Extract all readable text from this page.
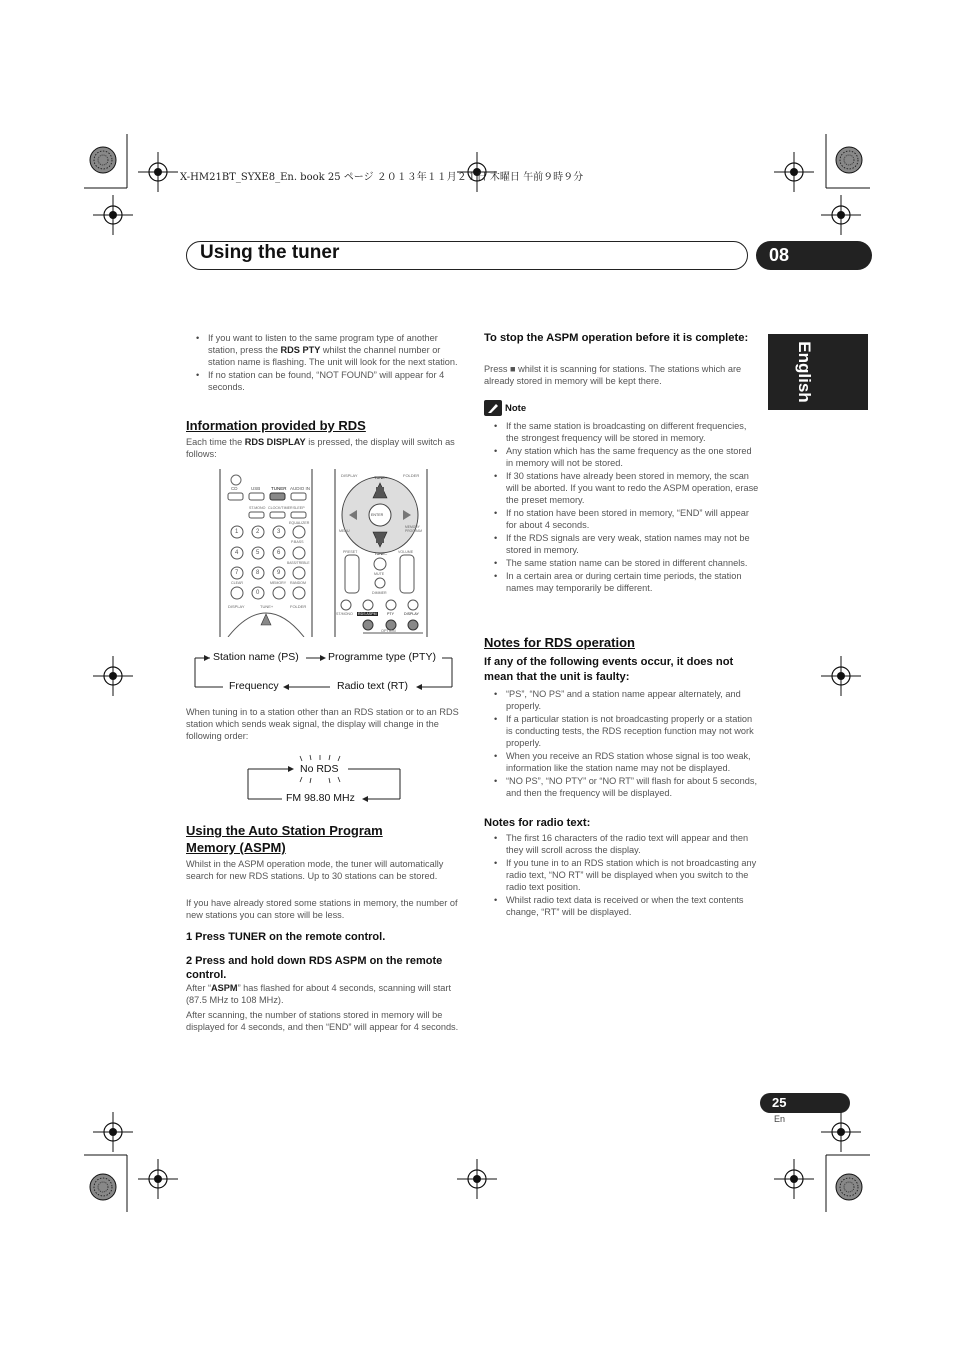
X-HM21BT_SYXE8_En. book 25 ページ ２０１３年１１月２１日 木曜日 午前９時９分
Using the tuner	08
English
• If you want to listen to the same program type of another station, press the RDS PTY whilst the channel number or station name is flashing. The unit will look for the next station.
• If no station can be found, “NOT FOUND” will appear for 4 seconds.
Information provided by RDS

Each time the RDS DISPLAY is pressed, the display will switch as follows:

CD	USB TUNER AUDIO IN
ST.MONO CLOCK/TIMER SLEEP
EQUALIZER
1	2	3
P.BASS
4	5	6
BASS/TREBLE
7	8	9
CLEAR	MEMORY RANDOM
0
DISPLAY	TUNE+	FOLDER
DISPLAY	FOLDER
TUNE+
ENTER
MENU
MEMORY PROGRAM
TUNE–
PRESET	VOLUME
MUTE
DIMMER
ST/MONO RDS ASPM	PTY	DISPLAY
OPTION
Station name (PS)	Programme type (PTY)
Frequency	Radio text (RT)

When tuning in to a station other than an RDS station or to an RDS station which sends weak signal, the display will change in the following order:

No RDS
FM 98.80 MHz
Using the Auto Station Program Memory (ASPM)

Whilst in the ASPM operation mode, the tuner will automatically search for new RDS stations. Up to 30 stations can be stored.

If you have already stored some stations in memory, the number of new stations you can store will be less.

1 Press TUNER on the remote control.
2 Press and hold down RDS ASPM on the remote control.

After “ASPM” has flashed for about 4 seconds, scanning will start (87.5 MHz to 108 MHz).

After scanning, the number of stations stored in memory will be displayed for 4 seconds, and then “END” will appear for 4 seconds.

To stop the ASPM operation before it is complete:

Press ■ whilst it is scanning for stations. The stations which are already stored in memory will be kept there.

Note
• If the same station is broadcasting on different frequencies, the strongest frequency will be stored in memory.
• Any station which has the same frequency as the one stored in memory will not be stored.
• If 30 stations have already been stored in memory, the scan will be aborted. If you want to redo the ASPM operation, erase the preset memory.
• If no station have been stored in memory, “END” will appear for about 4 seconds.
• If the RDS signals are very weak, station names may not be stored in memory.
• The same station name can be stored in different channels.
• In a certain area or during certain time periods, the station names may temporarily be different.
Notes for RDS operation
If any of the following events occur, it does not mean that the unit is faulty:
• “PS”, “NO PS” and a station name appear alternately, and properly.
• If a particular station is not broadcasting properly or a station is conducting tests, the RDS reception function may not work properly.
• When you receive an RDS station whose signal is too weak, information like the station name may not be displayed.
• “NO PS”, “NO PTY” or “NO RT” will flash for about 5 seconds, and then the frequency will be displayed.
Notes for radio text:
• The first 16 characters of the radio text will appear and then they will scroll across the display.
• If you tune in to an RDS station which is not broadcasting any radio text, “NO RT” will be displayed when you switch to the radio text position.
• Whilst radio text data is received or when the text contents change, “RT” will be displayed.
25
En
